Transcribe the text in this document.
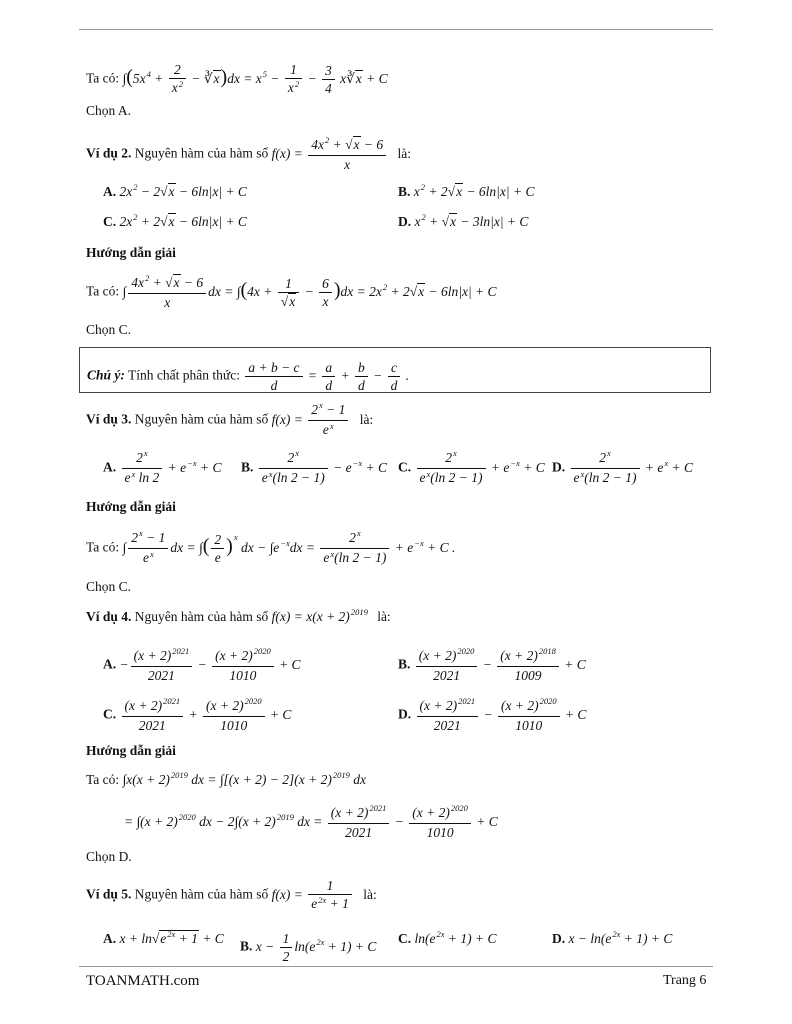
Ta có: $\int(5x^4 + \frac{2}{x^2}$ − ∛x)dx = $x^5 - \frac{1}{x^2} - \frac{3}{4}$ x∛x + C
Chọn A.
Ví dụ 2. Nguyên hàm của hàm số $f(x) = \frac{4x^2 + √x - 6}{x}$ là:
A. $2x^2 - 2√x - 6\ln|x| + C$	B. $x^2 + 2√x - 6\ln|x| + C$
C. $2x^2 + 2√x - 6\ln|x| + C$	D. $x^2 + √x - 3\ln|x| + C$
Hướng dẫn giải
Ta có: ∫ $\frac{4x^2 + √x - 6}{x}$ dx = $\int(4x + \frac{1}{√x} - \frac{6}{x} )dx = 2x^2 + 2√x - 6\ln|x| + C$
Chọn C.
Chú ý: Tính chất phân thức: $\frac{a + b - c}{d} = \frac{a}{d} + \frac{b}{d} - \frac{c}{d}$ .
Ví dụ 3. Nguyên hàm của hàm số $f(x) = \frac{2^x - 1}{e^x}$ là:
A. $\frac{2^x}{e^x \ln 2} + e^{-x} + C$ B. $\frac{2^x}{e^x(\ln 2 - 1)} - e^{-x} + C$ C. $\frac{2^x}{e^x(\ln 2 - 1)} + e^{-x} + C$ D. $\frac{2^x}{e^x(\ln 2 - 1)} + e^x + C$
Hướng dẫn giải
Ta có: ∫ $\frac{2^x - 1}{e^x}$ dx = ∫( $\frac{2}{e} )^x$ dx − $\int e^{-x}dx = \frac{2^x}{e^x(\ln 2 - 1)} + e^{-x} + C$ .
Chọn C.
Ví dụ 4. Nguyên hàm của hàm số $f(x) = x(x + 2)^{2019}$ là:
A. − $\frac{(x + 2)^{2021}}{2021} - \frac{(x + 2)^{2020}}{1010} + C$	B. $\frac{(x + 2)^{2020}}{2021} - \frac{(x + 2)^{2018}}{1009} + C$
C. $\frac{(x + 2)^{2021}}{2021} + \frac{(x + 2)^{2020}}{1010} + C$	D. $\frac{(x + 2)^{2021}}{2021} - \frac{(x + 2)^{2020}}{1010} + C$
Hướng dẫn giải
Ta có: $\int x(x + 2)^{2019}$ dx = $\int[(x + 2) - 2](x + 2)^{2019}$ dx
= $\int(x + 2)^{2020}$ dx − $2\int(x + 2)^{2019}$ dx = $\frac{(x + 2)^{2021}}{2021} - \frac{(x + 2)^{2020}}{1010} + C$
Chọn D.
Ví dụ 5. Nguyên hàm của hàm số $f(x) = \frac{1}{e^{2x} + 1}$ là:
A. $x + \ln√e^{2x} + 1 + C$
B. $x - \frac{1}{2} \ln(e^{2x} + 1) + C$
C. $\ln(e^{2x} + 1) + C$	D. $x - \ln(e^{2x} + 1) + C$
TOANMATH.com	Trang 6
